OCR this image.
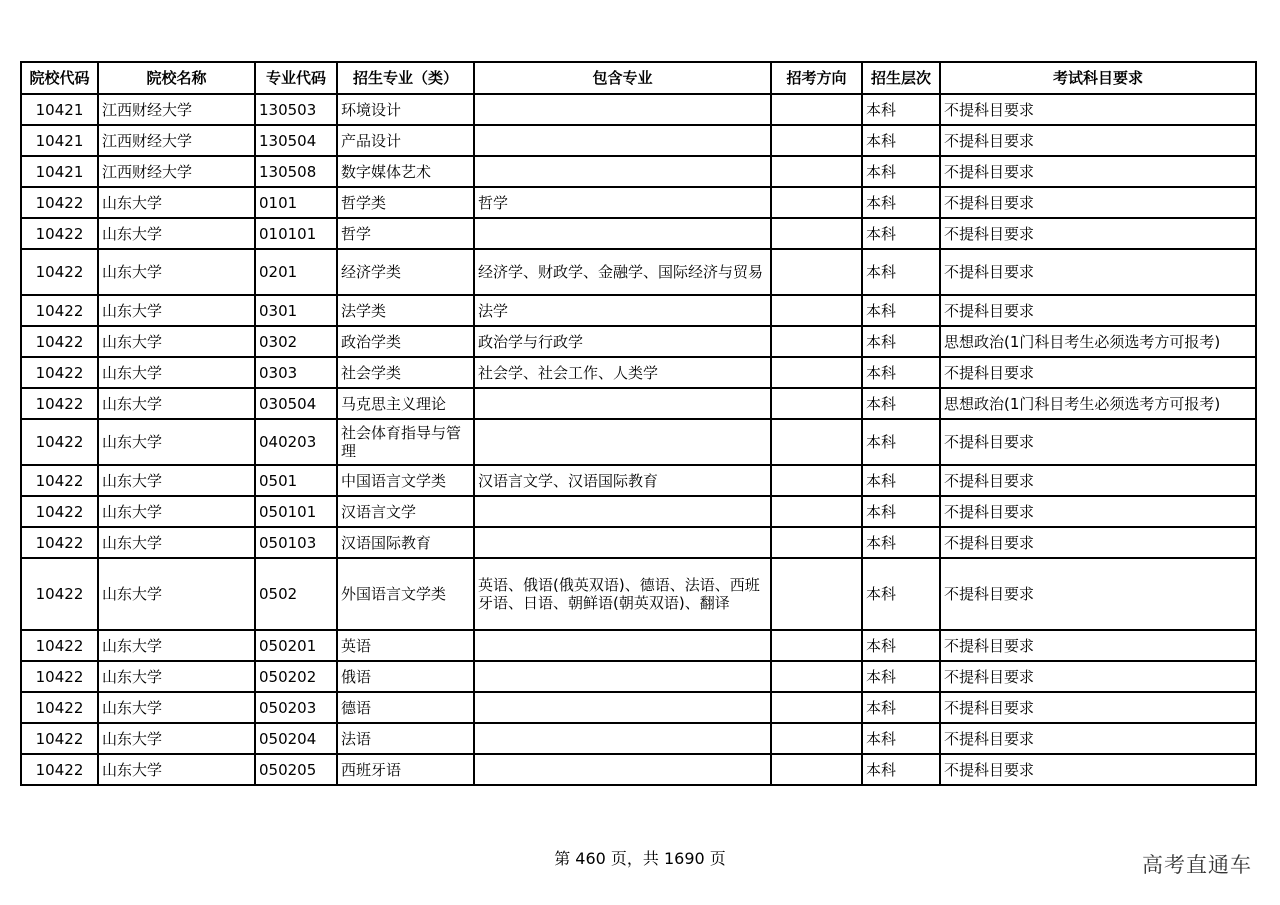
院校代码	院校名称	专业代码	招生专业（类）	包含专业	招考方向	招生层次	考试科目要求
10421	江西财经大学	130503	环境设计			本科	不提科目要求
10421	江西财经大学	130504	产品设计			本科	不提科目要求
10421	江西财经大学	130508	数字媒体艺术			本科	不提科目要求
10422	山东大学	0101	哲学类	哲学		本科	不提科目要求
10422	山东大学	010101	哲学			本科	不提科目要求
10422	山东大学	0201	经济学类	经济学、财政学、金融学、国际经济与贸易		本科	不提科目要求
10422	山东大学	0301	法学类	法学		本科	不提科目要求
10422	山东大学	0302	政治学类	政治学与行政学		本科	思想政治(1门科目考生必须选考方可报考)
10422	山东大学	0303	社会学类	社会学、社会工作、人类学		本科	不提科目要求
10422	山东大学	030504	马克思主义理论			本科	思想政治(1门科目考生必须选考方可报考)
10422	山东大学	040203	社会体育指导与管理			本科	不提科目要求
10422	山东大学	0501	中国语言文学类	汉语言文学、汉语国际教育		本科	不提科目要求
10422	山东大学	050101	汉语言文学			本科	不提科目要求
10422	山东大学	050103	汉语国际教育			本科	不提科目要求
10422	山东大学	0502	外国语言文学类	英语、俄语(俄英双语)、德语、法语、西班牙语、日语、朝鲜语(朝英双语)、翻译		本科	不提科目要求
10422	山东大学	050201	英语			本科	不提科目要求
10422	山东大学	050202	俄语			本科	不提科目要求
10422	山东大学	050203	德语			本科	不提科目要求
10422	山东大学	050204	法语			本科	不提科目要求
10422	山东大学	050205	西班牙语			本科	不提科目要求
第 460 页，共 1690 页	高考直通车
